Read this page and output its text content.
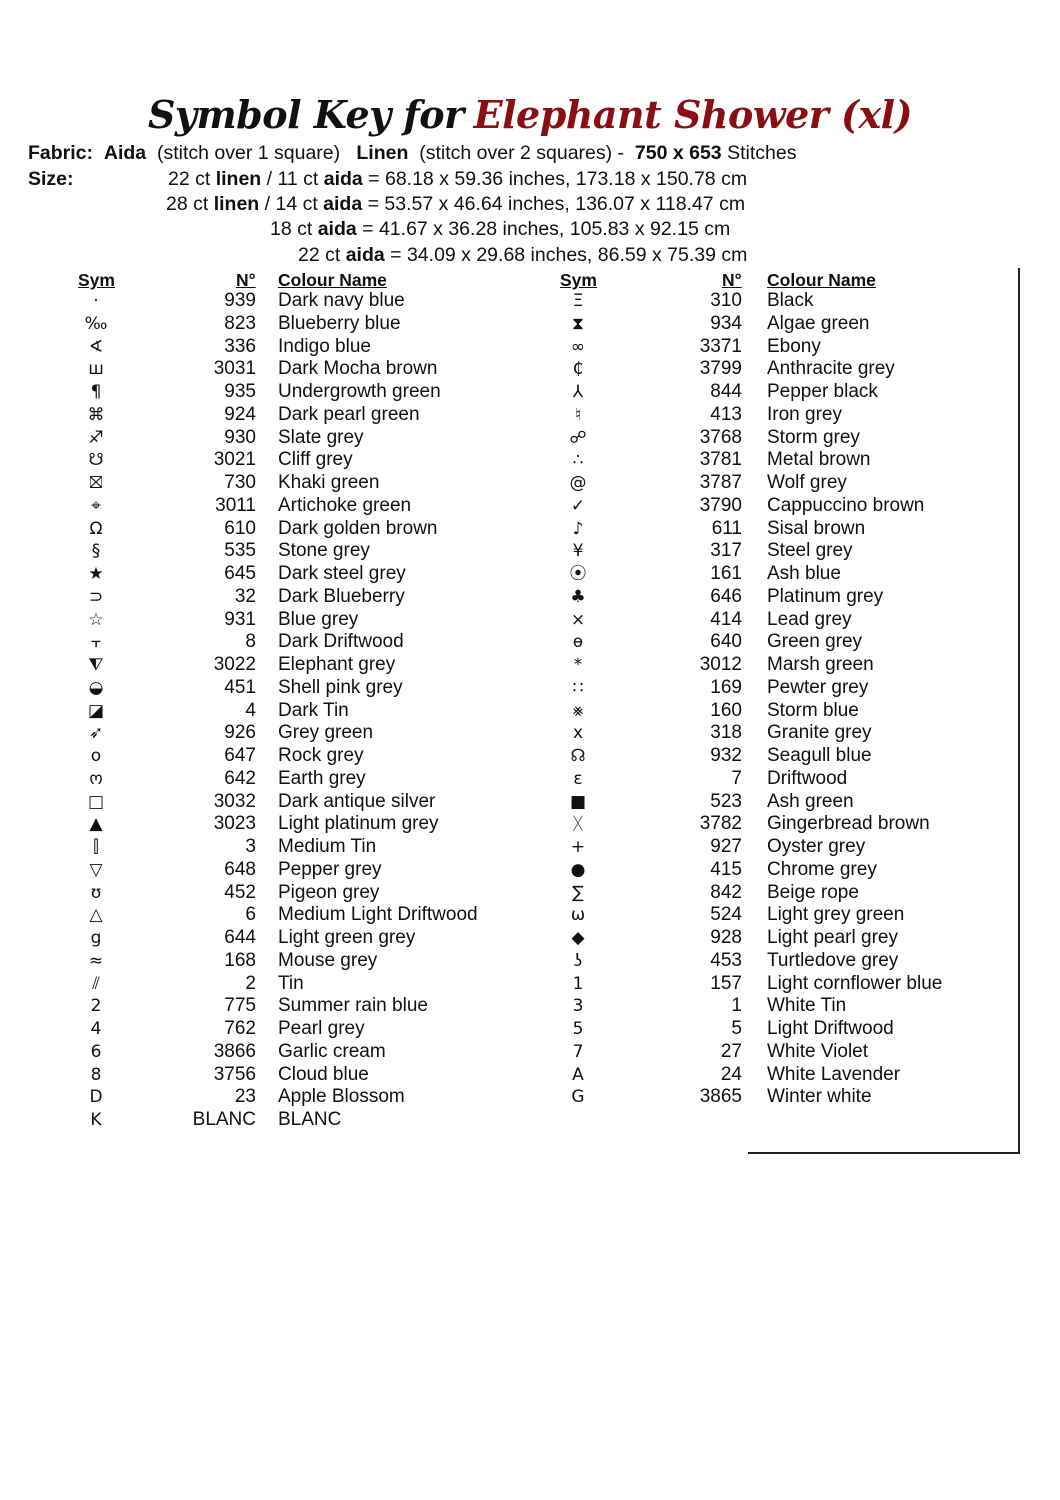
Symbol Key for Elephant Shower (xl)
Fabric: Aida (stitch over 1 square) Linen (stitch over 2 squares) - 750 x 653 Stitches
Size:	22 ct linen / 11 ct aida = 68.18 x 59.36 inches, 173.18 x 150.78 cm
28 ct linen / 14 ct aida = 53.57 x 46.64 inches, 136.07 x 118.47 cm
18 ct aida = 41.67 x 36.28 inches, 105.83 x 92.15 cm
22 ct aida = 34.09 x 29.68 inches, 86.59 x 75.39 cm
Sym	N° Colour Name	Sym	N° Colour Name
·	939 Dark navy blue
‰	823 Blueberry blue
∢	336 Indigo blue
ш	3031 Dark Mocha brown
¶	935 Undergrowth green
⌘	924 Dark pearl green
♐	930 Slate grey
☋	3021 Cliff grey
⛝	730 Khaki green
⌖	3011 Artichoke green
Ω	610 Dark golden brown
§	535 Stone grey
★	645 Dark steel grey
⊃	32 Dark Blueberry
☆	931 Blue grey
⫟	8 Dark Driftwood
⧨	3022 Elephant grey
◒	451 Shell pink grey
◪	4 Dark Tin
➶	926 Grey green
o	647 Rock grey
ო	642 Earth grey
□	3032 Dark antique silver
▲	3023 Light platinum grey
⫿	3 Medium Tin
▽	648 Pepper grey
ʊ	452 Pigeon grey
△	6 Medium Light Driftwood
g	644 Light green grey
≈	168 Mouse grey
⫽	2 Tin
2	775 Summer rain blue
4	762 Pearl grey
6	3866 Garlic cream
8	3756 Cloud blue
D	23 Apple Blossom
K	BLANC BLANC
Ξ	310 Black
⧗	934 Algae green
∞	3371 Ebony
₵	3799 Anthracite grey
⅄	844 Pepper black
♮	413 Iron grey
☍	3768 Storm grey
∴	3781 Metal brown
@	3787 Wolf grey
✓	3790 Cappuccino brown
♪	611 Sisal brown
¥	317 Steel grey
⦿	161 Ash blue
♣	646 Platinum grey
⨯	414 Lead grey
ɵ	640 Green grey
*	3012 Marsh green
∷	169 Pewter grey
⨳	160 Storm blue
x	318 Granite grey
☊	932 Seagull blue
ε	7 Driftwood
■	523 Ash green
ᚷ	3782 Gingerbread brown
+	927 Oyster grey
●	415 Chrome grey
∑	842 Beige rope
ω	524 Light grey green
◆	928 Light pearl grey
ʖ	453 Turtledove grey
1	157 Light cornflower blue
3	1 White Tin
5	5 Light Driftwood
7	27 White Violet
A	24 White Lavender
G	3865 Winter white
